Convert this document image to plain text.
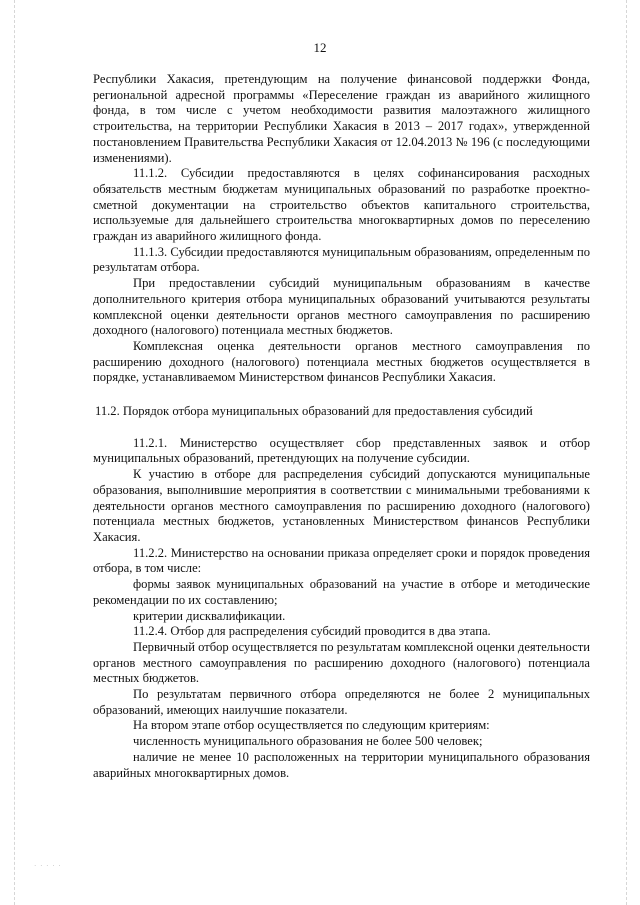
· · · · ·
12

Республики Хакасия, претендующим на получение финансовой поддержки Фонда, региональной адресной программы «Переселение граждан из аварийного жилищного фонда, в том числе с учетом необходимости развития малоэтажного жилищного строительства, на территории Республики Хакасия в 2013 – 2017 годах», утвержденной постановлением Правительства Республики Хакасия от 12.04.2013 № 196 (с последующими изменениями).

11.1.2. Субсидии предоставляются в целях софинансирования расходных обязательств местным бюджетам муниципальных образований по разработке проектно-сметной документации на строительство объектов капитального строительства, используемые для дальнейшего строительства многоквартирных домов по переселению граждан из аварийного жилищного фонда.

11.1.3. Субсидии предоставляются муниципальным образованиям, определенным по результатам отбора.

При предоставлении субсидий муниципальным образованиям в качестве дополнительного критерия отбора муниципальных образований учитываются результаты комплексной оценки деятельности органов местного самоуправления по расширению доходного (налогового) потенциала местных бюджетов.

Комплексная оценка деятельности органов местного самоуправления по расширению доходного (налогового) потенциала местных бюджетов осуществляется в порядке, устанавливаемом Министерством финансов Республики Хакасия.

11.2. Порядок отбора муниципальных образований для предоставления субсидий

11.2.1. Министерство осуществляет сбор представленных заявок и отбор муниципальных образований, претендующих на получение субсидии.

К участию в отборе для распределения субсидий допускаются муниципальные образования, выполнившие мероприятия в соответствии с минимальными требованиями к деятельности органов местного самоуправления по расширению доходного (налогового) потенциала местных бюджетов, установленных Министерством финансов Республики Хакасия.

11.2.2. Министерство на основании приказа определяет сроки и порядок проведения отбора, в том числе:

формы заявок муниципальных образований на участие в отборе и методические рекомендации по их составлению;

критерии дисквалификации.

11.2.4. Отбор для распределения субсидий проводится в два этапа.

Первичный отбор осуществляется по результатам комплексной оценки деятельности органов местного самоуправления по расширению доходного (налогового) потенциала местных бюджетов.

По результатам первичного отбора определяются не более 2 муниципальных образований, имеющих наилучшие показатели.

На втором этапе отбор осуществляется по следующим критериям:

численность муниципального образования не более 500 человек;

наличие не менее 10 расположенных на территории муниципального образования аварийных многоквартирных домов.
